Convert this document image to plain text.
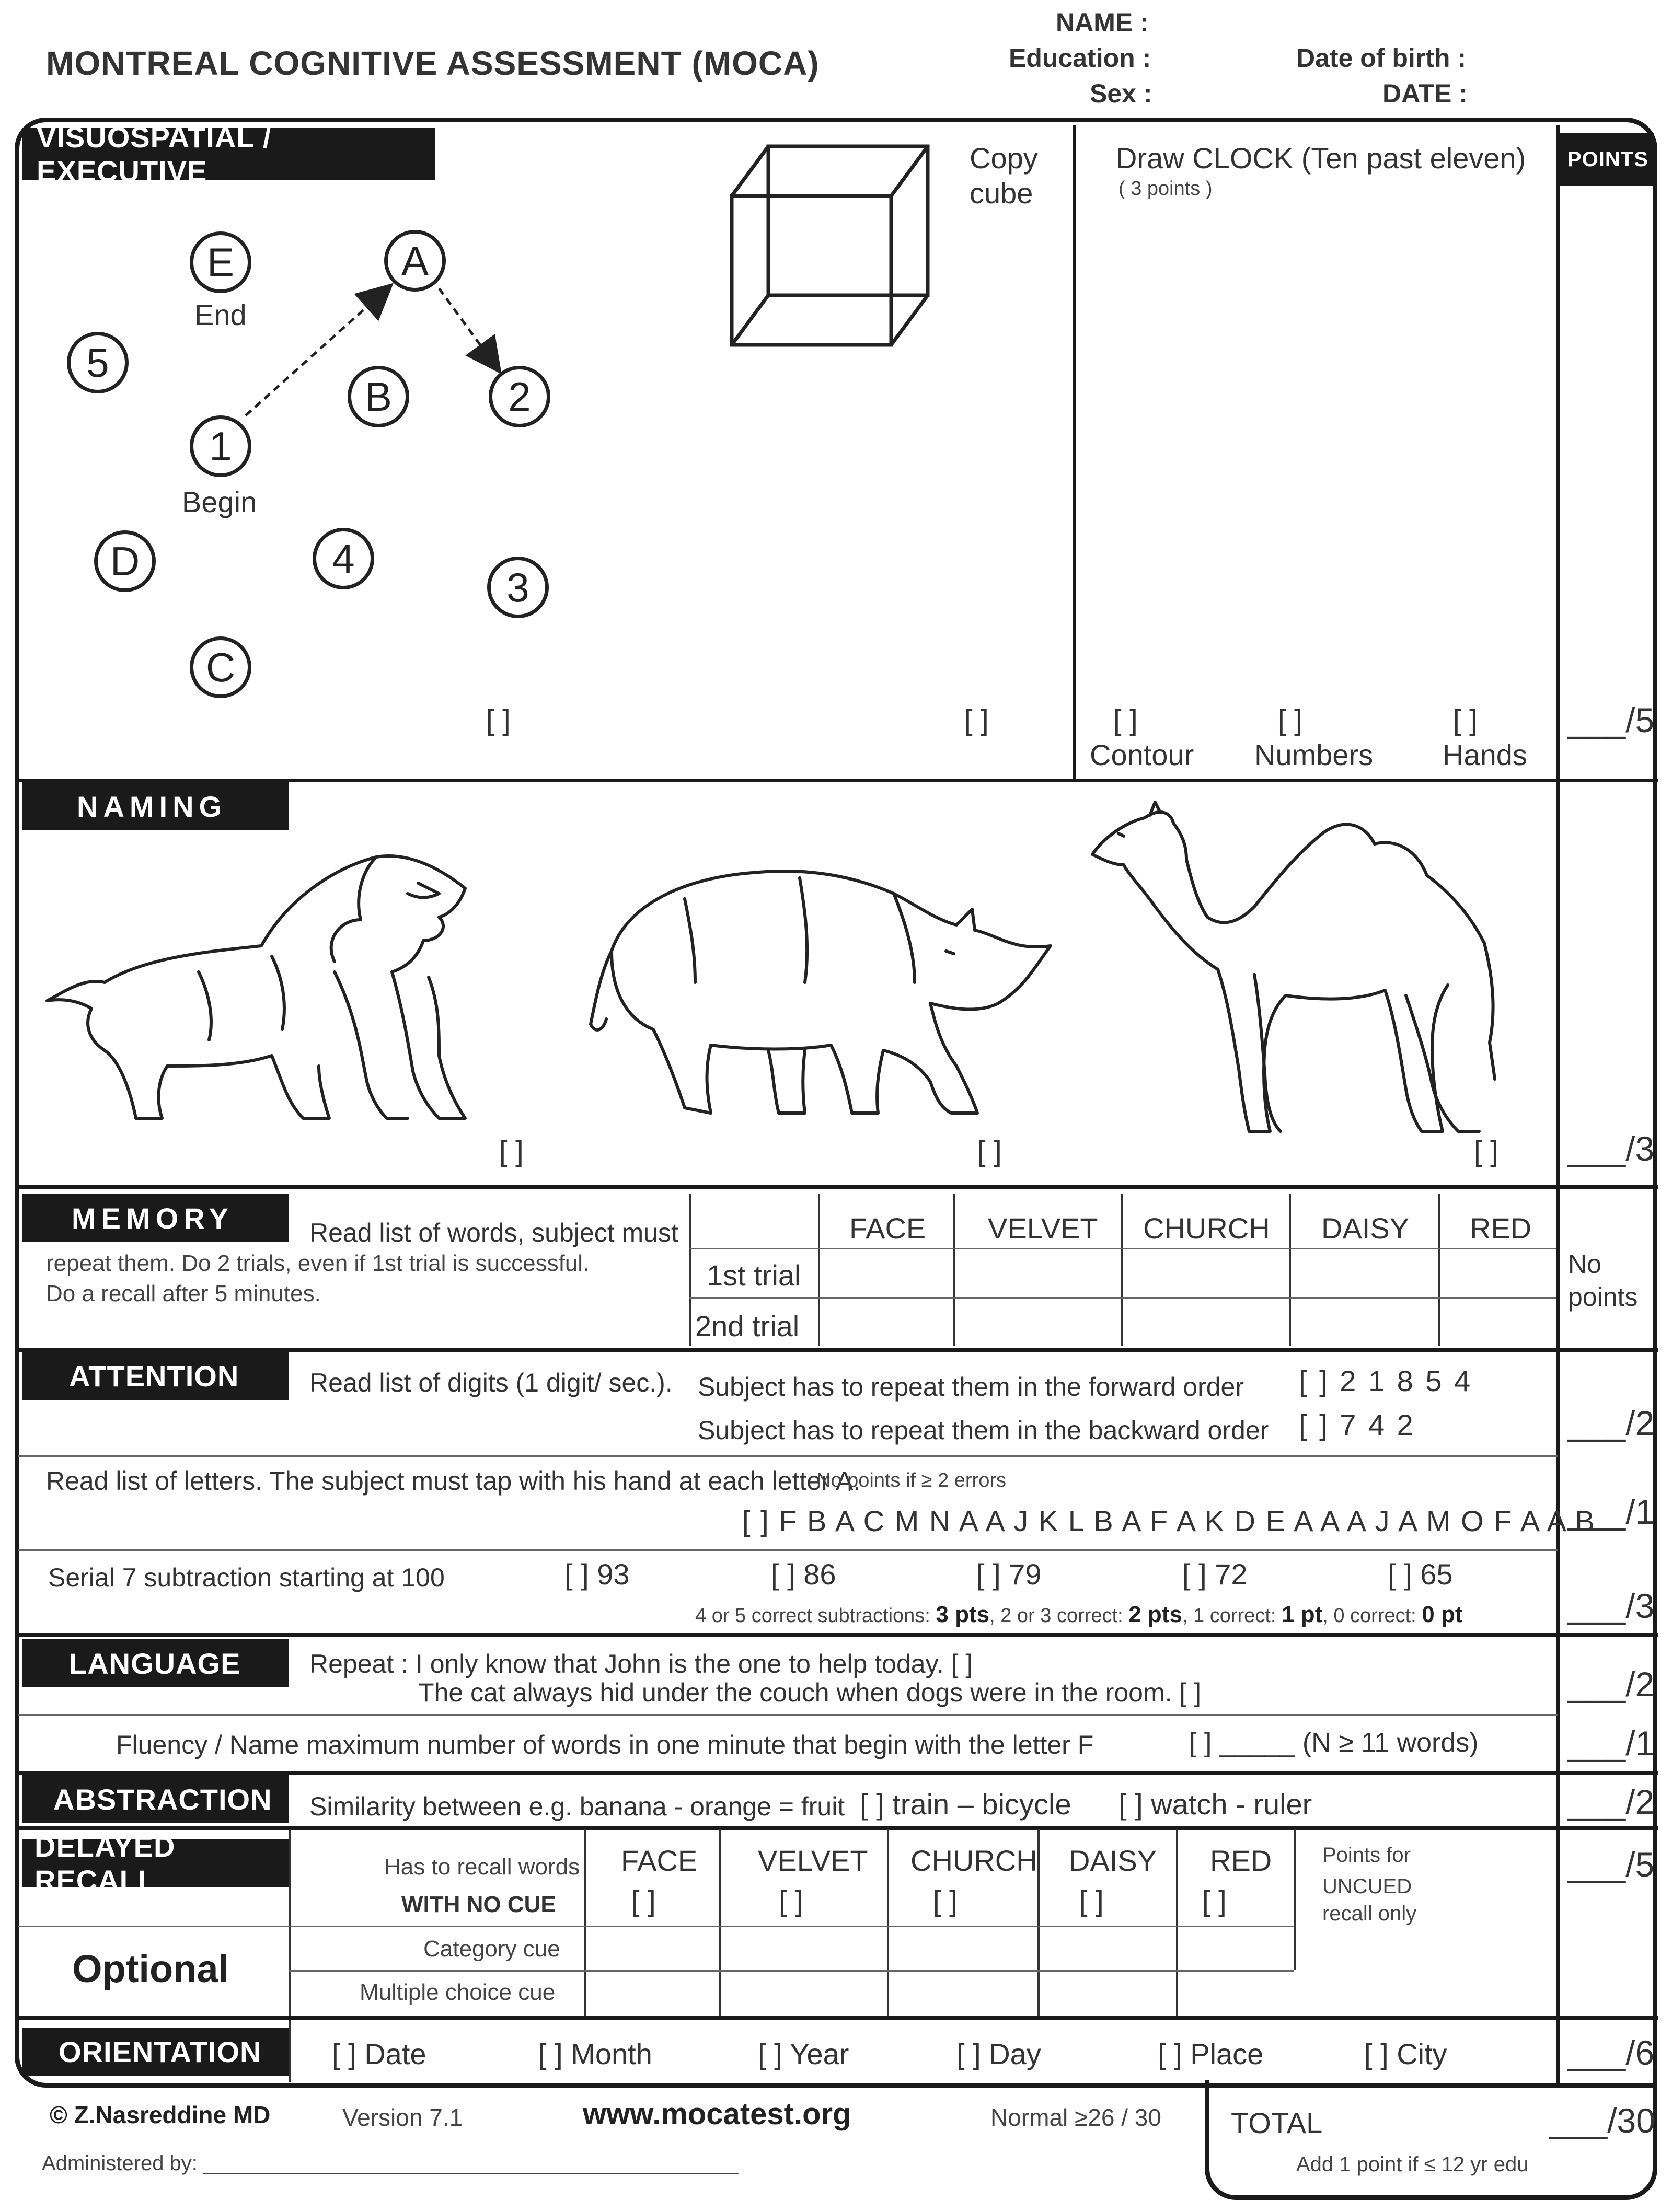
MONTREAL COGNITIVE ASSESSMENT (MOCA)
NAME :
Education :
Sex :
Date of birth :
DATE :
POINTS
VISUOSPATIAL / EXECUTIVE
E
End
A
5
B	2
1
Begin
D	4
3
C
[ ]
Copy
cube
[ ]
Draw CLOCK (Ten past eleven)
( 3 points )
[ ]	[ ]	[ ]
Contour Numbers Hands
___/5
NAMING
[ ]	[ ]	[ ] ___/3
MEMORY	Read list of words, subject must
repeat them. Do 2 trials, even if 1st trial is successful.
Do a recall after 5 minutes.
FACE VELVET CHURCH DAISY RED
1st trial
2nd trial
No
points
ATTENTION	Read list of digits (1 digit/ sec.). Subject has to repeat them in the forward order
Subject has to repeat them in the backward order
[ ] 2 1 8 5 4
[ ] 7 4 2	___/2
Read list of letters. The subject must tap with his hand at each letter A.
No points if ≥ 2 errors
[ ] F B A C M N A A J K L B A F A K D E A A A J A M O F A A B
___/1
Serial 7 subtraction starting at 100	[ ] 93	[ ] 86	[ ] 79	[ ] 72	[ ] 65
4 or 5 correct subtractions: 3 pts, 2 or 3 correct: 2 pts, 1 correct: 1 pt, 0 correct: 0 pt	___/3
LANGUAGE	Repeat : I only know that John is the one to help today. [ ]
The cat always hid under the couch when dogs were in the room. [ ]	___/2
Fluency / Name maximum number of words in one minute that begin with the letter F	[ ] _____ (N ≥ 11 words)	___/1
ABSTRACTION	Similarity between e.g. banana - orange = fruit [ ] train – bicycle [ ] watch - ruler	___/2
DELAYED RECALL	Has to recall words
WITH NO CUE
FACE VELVET CHURCH DAISY RED
[ ]	[ ]	[ ]	[ ]	[ ]
Points for
UNCUED
recall only
___/5
Optional	Category cue
Multiple choice cue
ORIENTATION	[ ] Date	[ ] Month	[ ] Year	[ ] Day	[ ] Place	[ ] City	___/6
© Z.Nasreddine MD	Version 7.1	www.mocatest.org	Normal ≥26 / 30 TOTAL	___/30
Add 1 point if ≤ 12 yr edu
Administered by: ______________________________________________
